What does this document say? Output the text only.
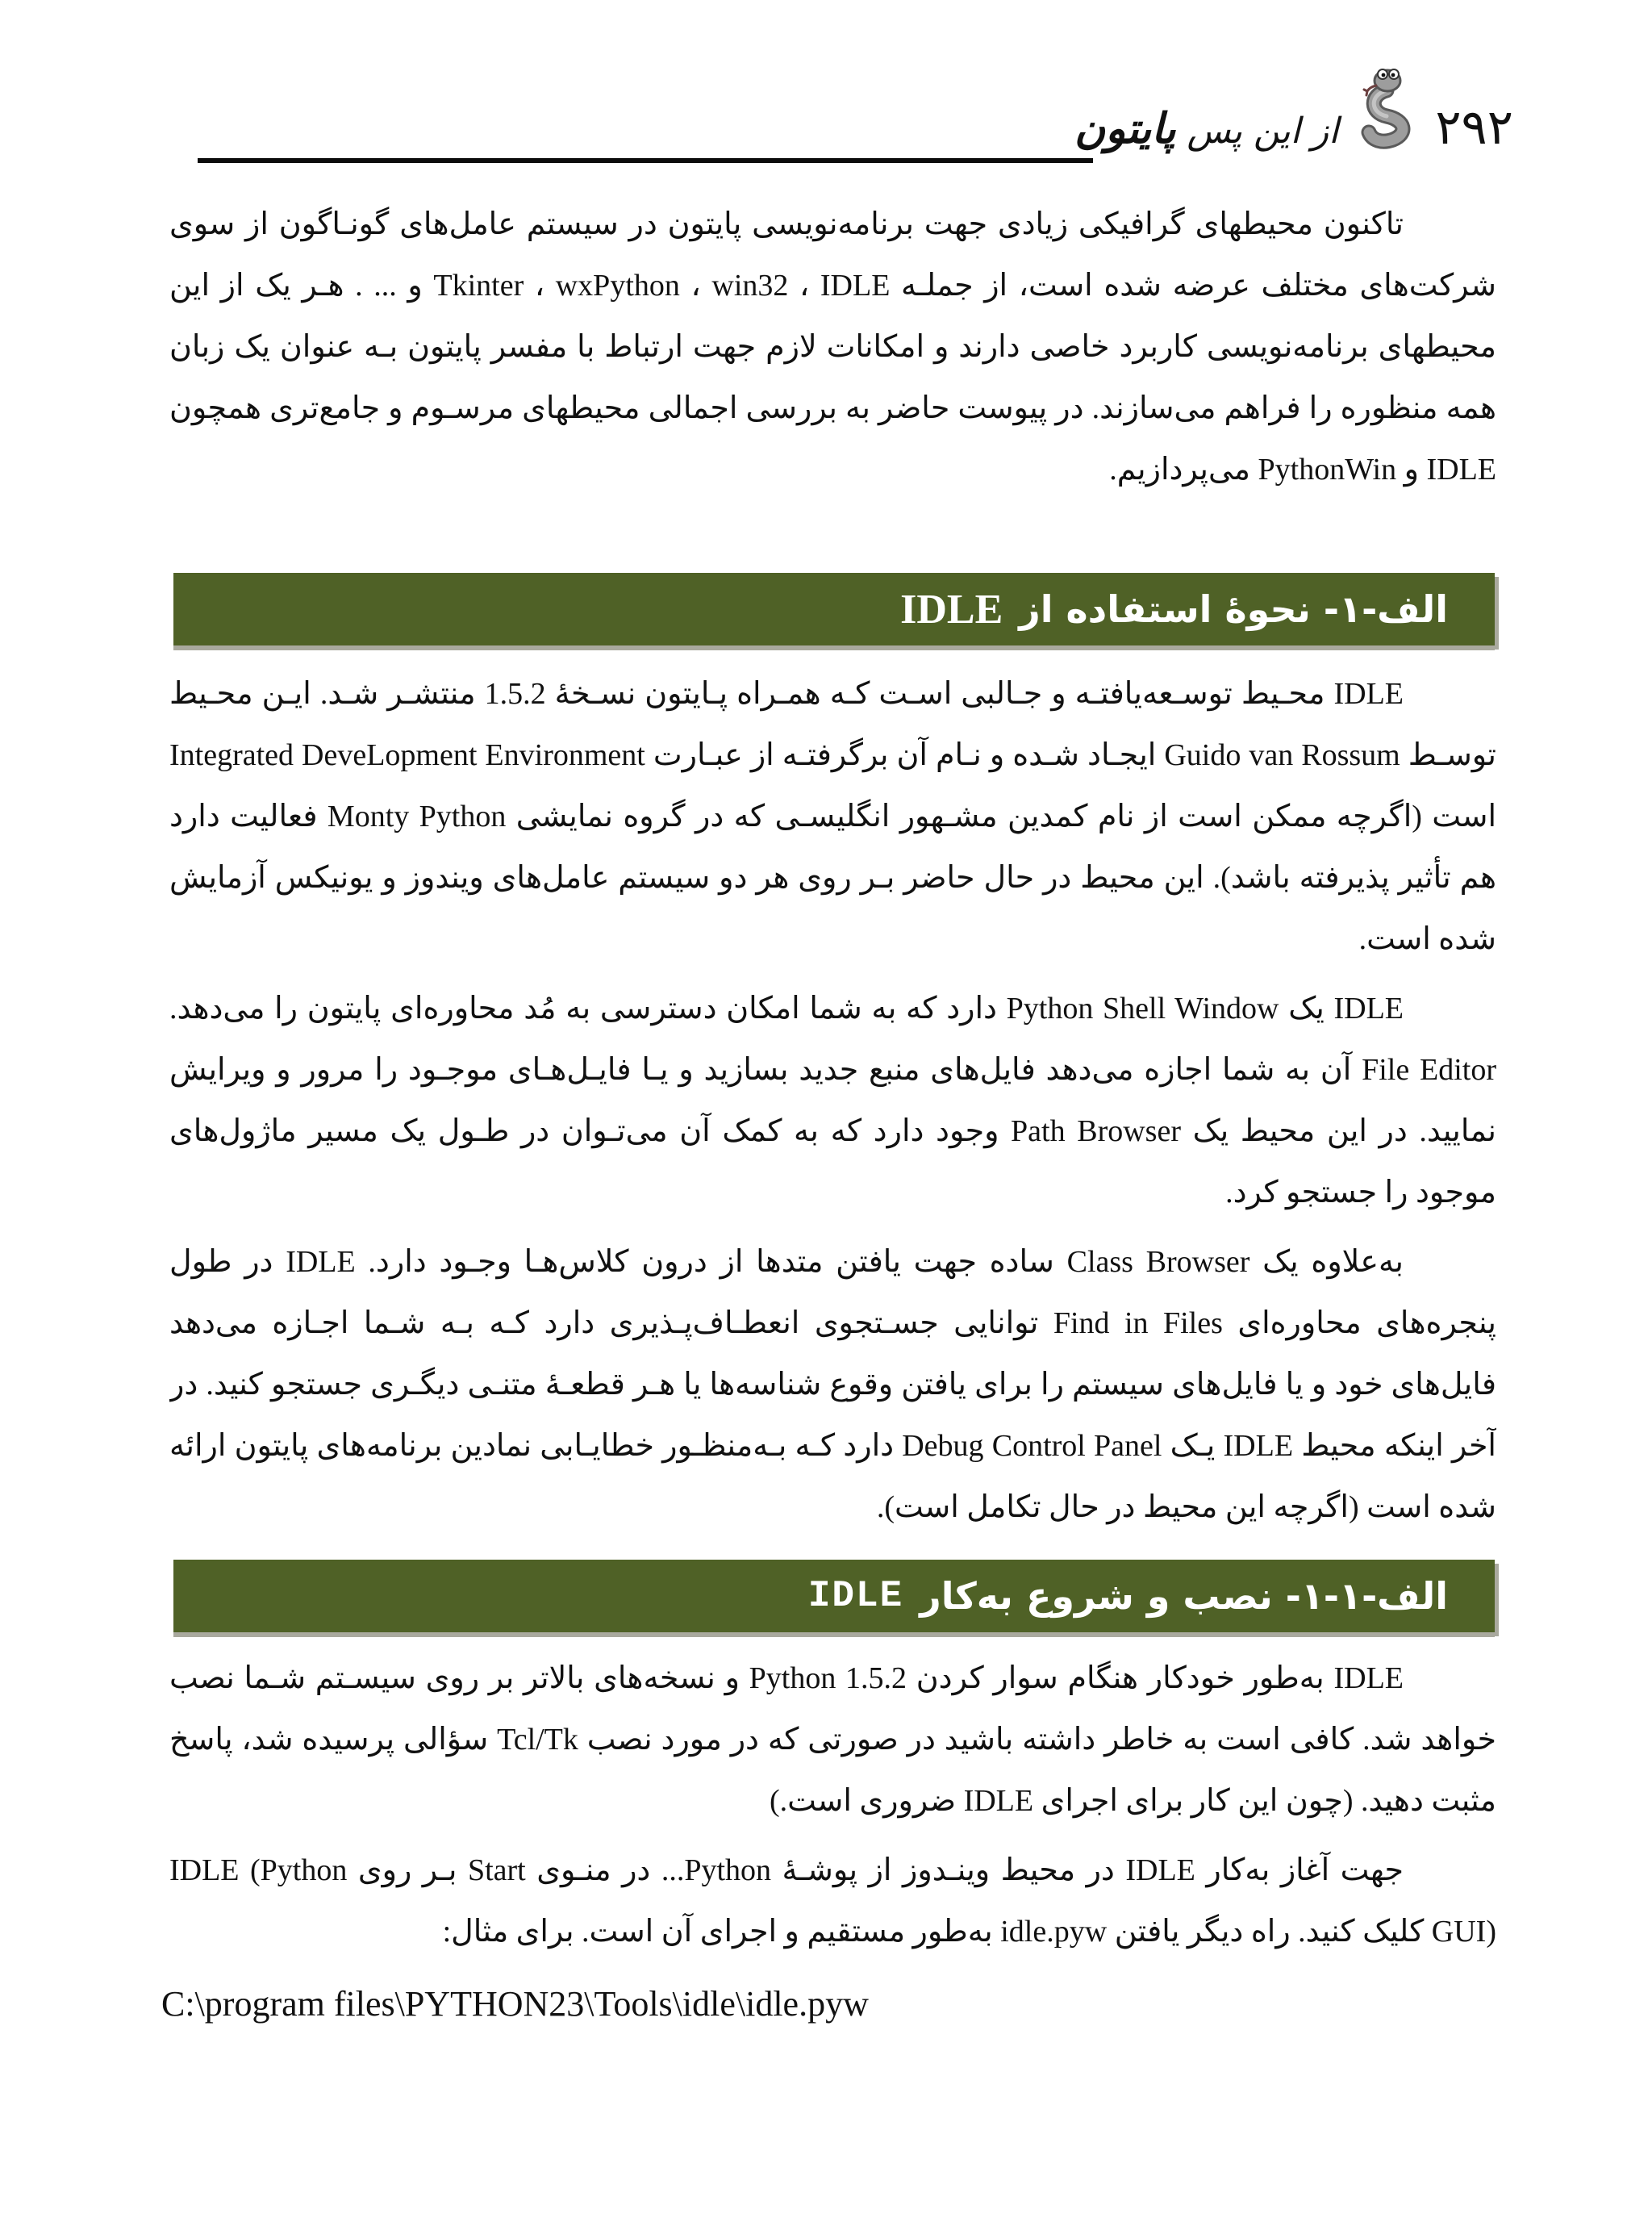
۲۹۲
از این پس پایتون

تاکنون محیطهای گرافیکی زیادی جهت برنامه‌نویسی پایتون در سیستم عامل‌های گونـاگون از سوی شرکت‌های مختلف عرضه شده است، از جملـه Tkinter ، wxPython ، win32 ، IDLE و ... . هـر یک از این محیطهای برنامه‌نویسی کاربرد خاصی دارند و امکانات لازم جهت ارتباط با مفسر پایتون بـه عنوان یک زبان همه منظوره را فراهم می‌سازند. در پیوست حاضر به بررسی اجمالی محیطهای مرسـوم و جامع‌تری همچون IDLE و PythonWin می‌پردازیم.

الف-۱- نحوۀ استفاده از
IDLE

IDLE محـیط توسـعه‌یافتـه و جـالبی اسـت کـه همـراه پـایتون نسـخۀ 1.5.2 منتشـر شـد. ایـن محـیط توسـط Guido van Rossum ایجـاد شـده و نـام آن برگرفتـه از عبـارت Integrated DeveLopment Environment است (اگرچه ممکن است از نام کمدین مشـهور انگلیسـی که در گروه نمایشی Monty Python فعالیت دارد هم تأثیر پذیرفته باشد). این محیط در حال حاضر بـر روی هر دو سیستم عامل‌های ویندوز و یونیکس آزمایش شده است.

IDLE یک Python Shell Window دارد که به شما امکان دسترسی به مُد محاوره‌ای پایتون را می‌دهد. File Editor آن به شما اجازه می‌دهد فایل‌های منبع جدید بسازید و یـا فایـل‌هـای موجـود را مرور و ویرایش نمایید. در این محیط یک Path Browser وجود دارد که به کمک آن می‌تـوان در طـول یک مسیر ماژول‌های موجود را جستجو کرد.

به‌علاوه یک Class Browser ساده جهت یافتن متدها از درون کلاس‌هـا وجـود دارد. IDLE در طول پنجره‌های محاوره‌ای Find in Files توانایی جسـتجوی انعطـاف‌پـذیری دارد کـه بـه شـما اجـازه می‌دهد فایل‌های خود و یا فایل‌های سیستم را برای یافتن وقوع شناسه‌ها یا هـر قطعـۀ متنـی دیگـری جستجو کنید. در آخر اینکه محیط IDLE یـک Debug Control Panel دارد کـه بـه‌منظـور خطایـابی نمادین برنامه‌های پایتون ارائه شده است (اگرچه این محیط در حال تکامل است).

الف-۱-۱- نصب و شروع به‌کار
IDLE

IDLE به‌طور خودکار هنگام سوار کردن Python 1.5.2 و نسخه‌های بالاتر بر روی سیسـتم شـما نصب خواهد شد. کافی است به خاطر داشته باشید در صورتی که در مورد نصب Tcl/Tk سؤالی پرسیده شد، پاسخ مثبت دهید. (چون این کار برای اجرای IDLE ضروری است.)

جهت آغاز به‌کار IDLE در محیط وینـدوز از پوشـۀ Python... در منـوی Start بـر روی IDLE (Python GUI) کلیک کنید. راه دیگر یافتن idle.pyw به‌طور مستقیم و اجرای آن است. برای مثال:

C:\program files\PYTHON23\Tools\idle\idle.pyw
